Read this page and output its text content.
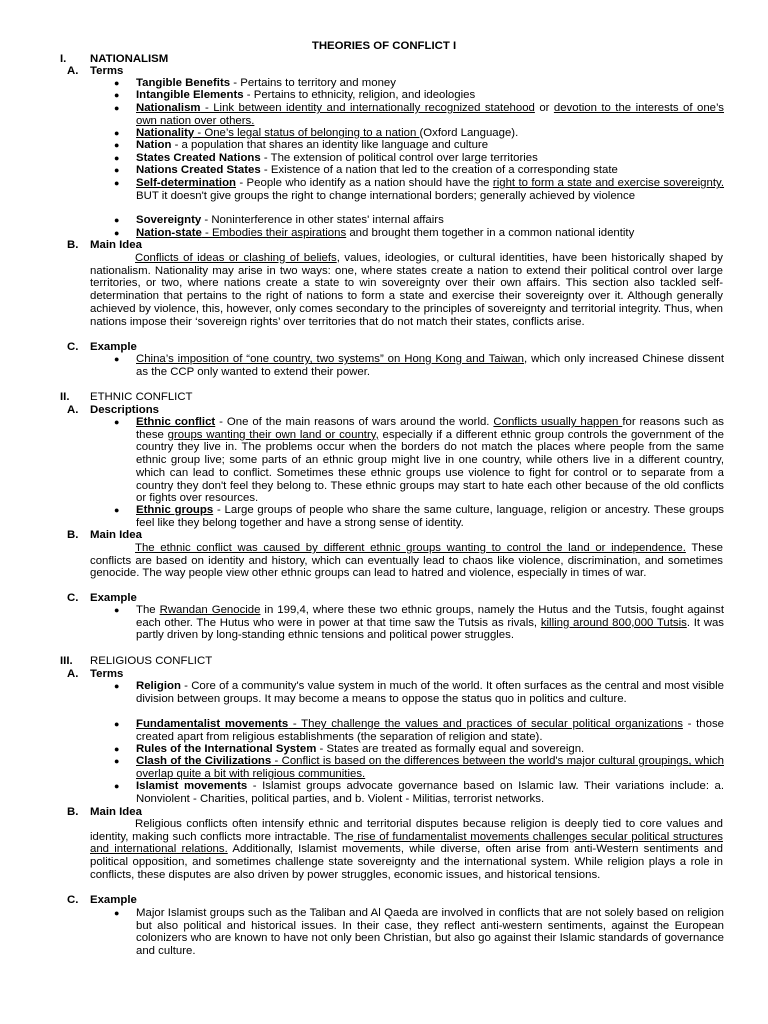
THEORIES OF CONFLICT I
I. NATIONALISM
A. Terms
● Tangible Benefits - Pertains to territory and money
● Intangible Elements - Pertains to ethnicity, religion, and ideologies
● Nationalism - Link between identity and internationally recognized statehood or devotion to the interests of one’s own nation over others.
● Nationality - One’s legal status of belonging to a nation (Oxford Language).
● Nation - a population that shares an identity like language and culture
● States Created Nations - The extension of political control over large territories
● Nations Created States - Existence of a nation that led to the creation of a corresponding state
● Self-determination - People who identify as a nation should have the right to form a state and exercise sovereignty. BUT it doesn't give groups the right to change international borders; generally achieved by violence
● Sovereignty - Noninterference in other states' internal affairs
● Nation-state - Embodies their aspirations and brought them together in a common national identity
B. Main Idea
Conflicts of ideas or clashing of beliefs, values, ideologies, or cultural identities, have been historically shaped by nationalism. Nationality may arise in two ways: one, where states create a nation to extend their political control over large territories, or two, where nations create a state to win sovereignty over their own affairs. This section also tackled self-determination that pertains to the right of nations to form a state and exercise their sovereignty over it. Although generally achieved by violence, this, however, only comes secondary to the principles of sovereignty and territorial integrity. Thus, when nations impose their ‘sovereign rights’ over territories that do not match their states, conflicts arise.
C. Example
● China’s imposition of “one country, two systems” on Hong Kong and Taiwan, which only increased Chinese dissent as the CCP only wanted to extend their power.
II. ETHNIC CONFLICT
A. Descriptions
● Ethnic conflict - One of the main reasons of wars around the world. Conflicts usually happen for reasons such as these groups wanting their own land or country, especially if a different ethnic group controls the government of the country they live in. The problems occur when the borders do not match the places where people from the same ethnic group live; some parts of an ethnic group might live in one country, while others live in a different country, which can lead to conflict. Sometimes these ethnic groups use violence to fight for control or to separate from a country they don't feel they belong to. These ethnic groups may start to hate each other because of the old conflicts or fights over resources.
● Ethnic groups - Large groups of people who share the same culture, language, religion or ancestry. These groups feel like they belong together and have a strong sense of identity.
B. Main Idea
The ethnic conflict was caused by different ethnic groups wanting to control the land or independence. These conflicts are based on identity and history, which can eventually lead to chaos like violence, discrimination, and sometimes genocide. The way people view other ethnic groups can lead to hatred and violence, especially in times of war.
C. Example
● The Rwandan Genocide in 199,4, where these two ethnic groups, namely the Hutus and the Tutsis, fought against each other. The Hutus who were in power at that time saw the Tutsis as rivals, killing around 800,000 Tutsis. It was partly driven by long-standing ethnic tensions and political power struggles.
III. RELIGIOUS CONFLICT
A. Terms
● Religion - Core of a community's value system in much of the world. It often surfaces as the central and most visible division between groups. It may become a means to oppose the status quo in politics and culture.
● Fundamentalist movements - They challenge the values and practices of secular political organizations - those created apart from religious establishments (the separation of religion and state).
● Rules of the International System - States are treated as formally equal and sovereign.
● Clash of the Civilizations - Conflict is based on the differences between the world's major cultural groupings, which overlap quite a bit with religious communities.
● Islamist movements - Islamist groups advocate governance based on Islamic law. Their variations include: a. Nonviolent - Charities, political parties, and b. Violent - Militias, terrorist networks.
B. Main Idea
Religious conflicts often intensify ethnic and territorial disputes because religion is deeply tied to core values and identity, making such conflicts more intractable. The rise of fundamentalist movements challenges secular political structures and international relations. Additionally, Islamist movements, while diverse, often arise from anti-Western sentiments and political opposition, and sometimes challenge state sovereignty and the international system. While religion plays a role in conflicts, these disputes are also driven by power struggles, economic issues, and historical tensions.
C. Example
● Major Islamist groups such as the Taliban and Al Qaeda are involved in conflicts that are not solely based on religion but also political and historical issues. In their case, they reflect anti-western sentiments, against the European colonizers who are known to have not only been Christian, but also go against their Islamic standards of governance and culture.
